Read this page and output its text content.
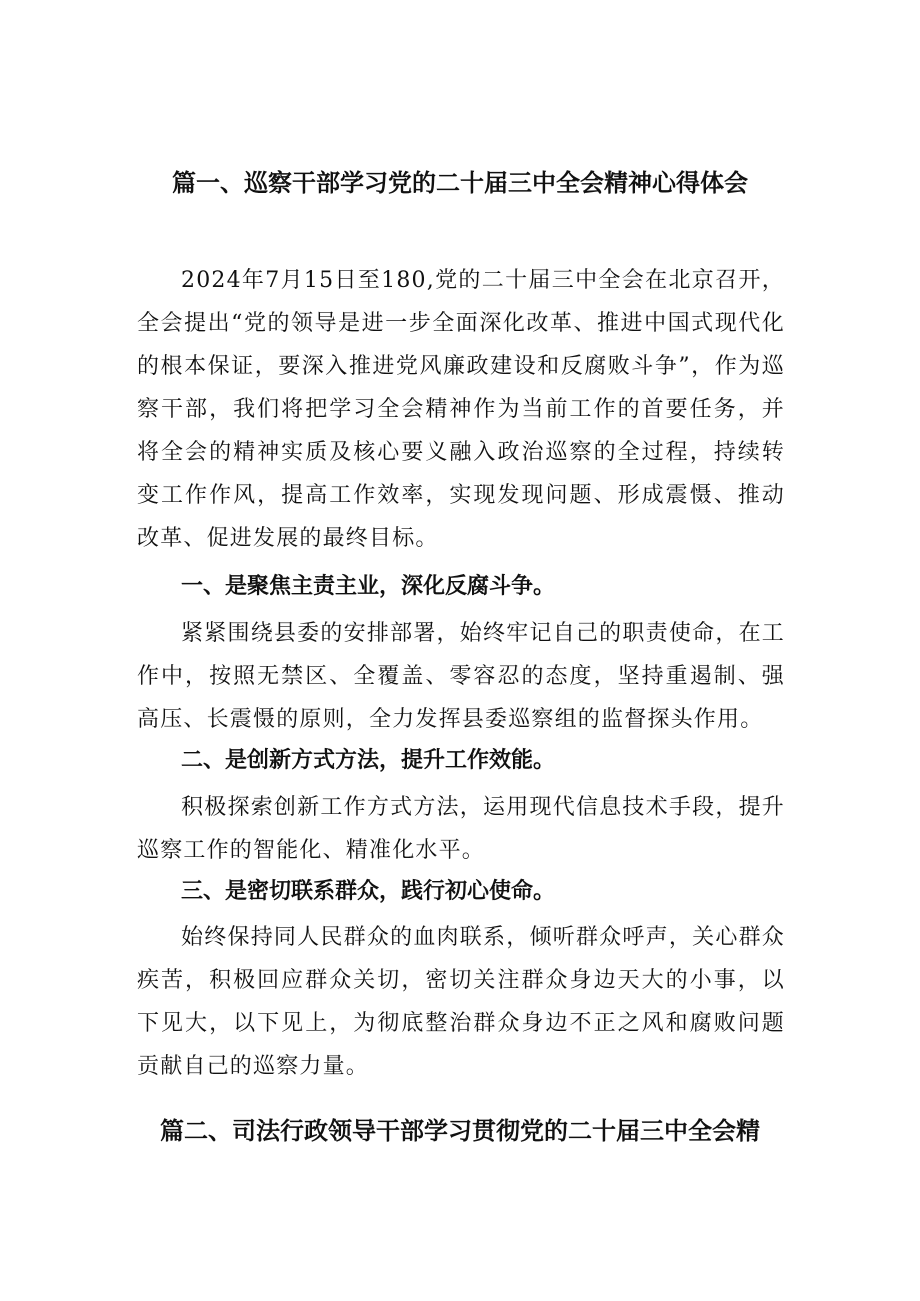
篇一、巡察干部学习党的二十届三中全会精神心得体会

2024年7月15日至180,党的二十届三中全会在北京召开，全会提出“党的领导是进一步全面深化改革、推进中国式现代化的根本保证，要深入推进党风廉政建设和反腐败斗争”，作为巡察干部，我们将把学习全会精神作为当前工作的首要任务，并将全会的精神实质及核心要义融入政治巡察的全过程，持续转变工作作风，提高工作效率，实现发现问题、形成震慑、推动改革、促进发展的最终目标。

一、是聚焦主责主业，深化反腐斗争。

紧紧围绕县委的安排部署，始终牢记自己的职责使命，在工作中，按照无禁区、全覆盖、零容忍的态度，坚持重遏制、强高压、长震慑的原则，全力发挥县委巡察组的监督探头作用。

二、是创新方式方法，提升工作效能。

积极探索创新工作方式方法，运用现代信息技术手段，提升巡察工作的智能化、精准化水平。

三、是密切联系群众，践行初心使命。

始终保持同人民群众的血肉联系，倾听群众呼声，关心群众疾苦，积极回应群众关切，密切关注群众身边天大的小事，以下见大，以下见上，为彻底整治群众身边不正之风和腐败问题贡献自己的巡察力量。

篇二、司法行政领导干部学习贯彻党的二十届三中全会精
